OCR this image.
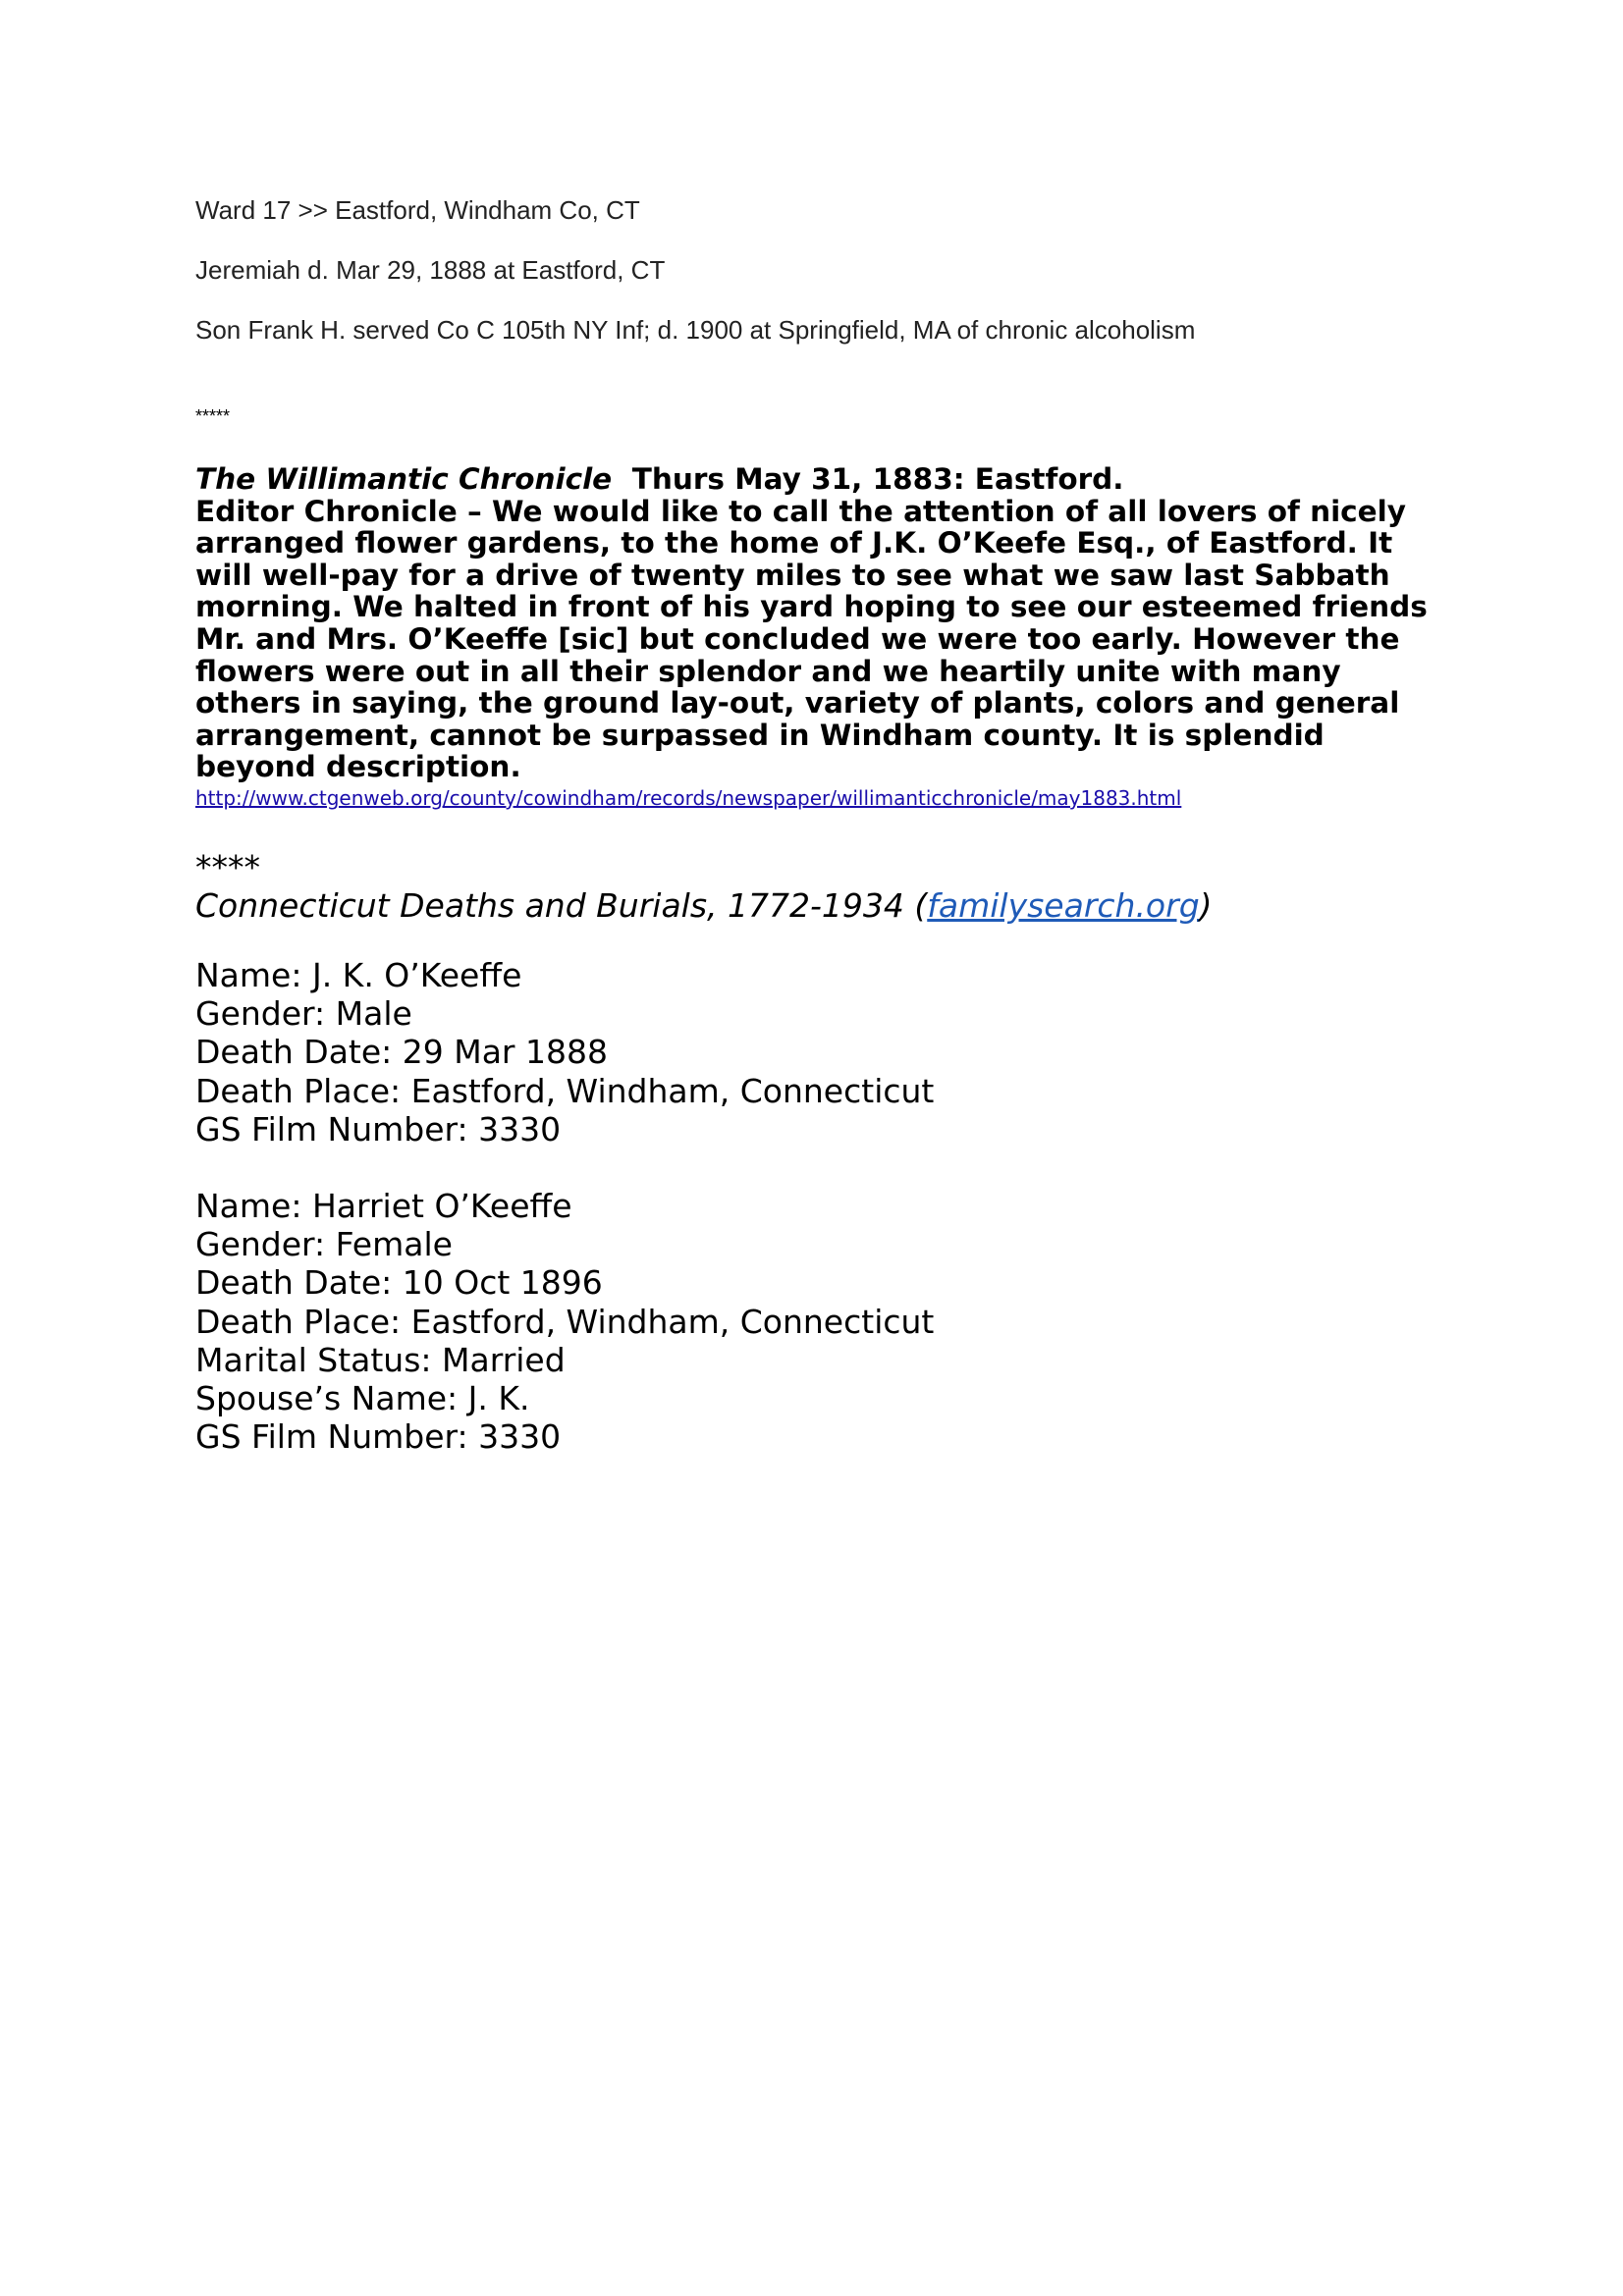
Ward 17 >> Eastford, Windham Co, CT
Jeremiah d. Mar 29, 1888 at Eastford, CT
Son Frank H. served Co C 105th NY Inf; d. 1900 at Springfield, MA of chronic alcoholism
*****
The Willimantic Chronicle  Thurs May 31, 1883: Eastford.
Editor Chronicle – We would like to call the attention of all lovers of nicely arranged flower gardens, to the home of J.K. O’Keefe Esq., of Eastford. It will well-pay for a drive of twenty miles to see what we saw last Sabbath morning. We halted in front of his yard hoping to see our esteemed friends Mr. and Mrs. O’Keeffe [sic] but concluded we were too early. However the flowers were out in all their splendor and we heartily unite with many others in saying, the ground lay-out, variety of plants, colors and general arrangement, cannot be surpassed in Windham county. It is splendid beyond description.
http://www.ctgenweb.org/county/cowindham/records/newspaper/willimanticchronicle/may1883.html
****
Connecticut Deaths and Burials, 1772-1934 (familysearch.org)
Name: J. K. O’Keeffe
Gender: Male
Death Date: 29 Mar 1888
Death Place: Eastford, Windham, Connecticut
GS Film Number: 3330
Name: Harriet O’Keeffe
Gender: Female
Death Date: 10 Oct 1896
Death Place: Eastford, Windham, Connecticut
Marital Status: Married
Spouse’s Name: J. K.
GS Film Number: 3330
